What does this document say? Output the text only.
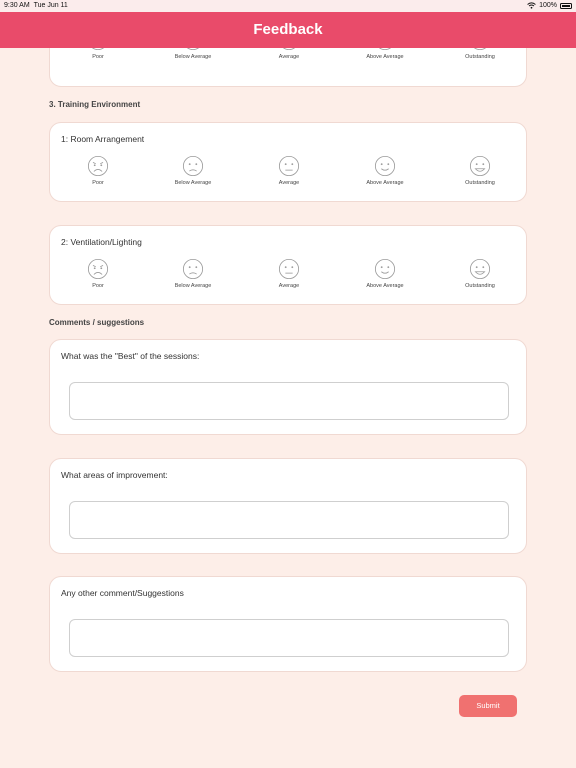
9:30 AM Tue Jun 11	100%
Feedback
Poor	Below Average	Average	Above Average	Outstanding
3. Training Environment
1: Room Arrangement
Poor	Below Average	Average	Above Average	Outstanding
2: Ventilation/Lighting
Poor	Below Average	Average	Above Average	Outstanding
Comments / suggestions
What was the "Best" of the sessions:
What areas of improvement:
Any other comment/Suggestions
Submit
